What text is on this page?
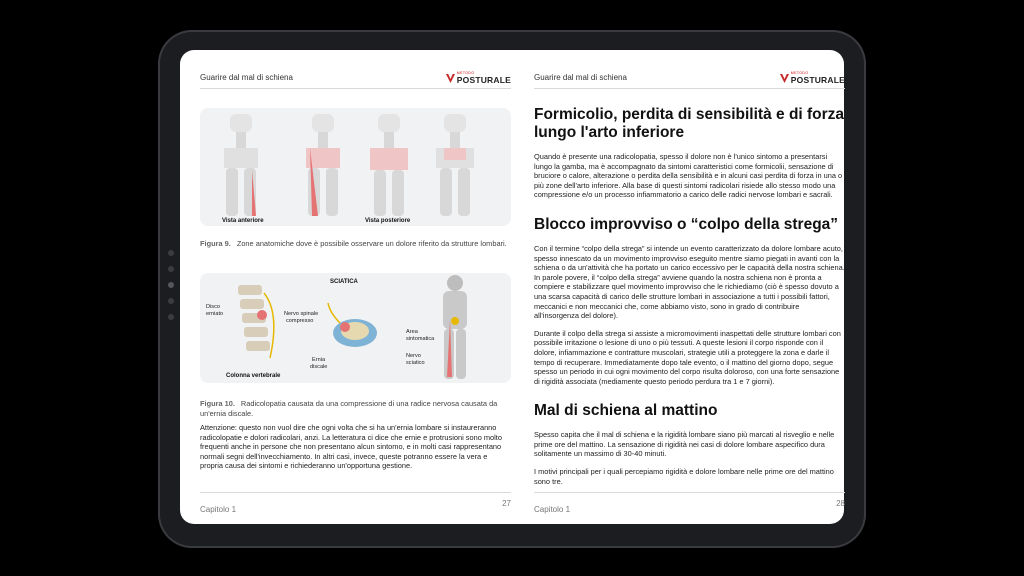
Guarire dal mal di schiena	METODO
POSTURALE
Vista anteriore	Vista posteriore
Figura 9. Zone anatomiche dove è possibile osservare un dolore riferito da strutture lombari.
SCIATICA
Disco
erniato	Nervo spinale
compresso
Ernia
discale
Colonna vertebrale
Area
sintomatica
Nervo
sciatico
Figura 10. Radicolopatia causata da una compressione di una radice nervosa causata da un'ernia discale.

Attenzione: questo non vuol dire che ogni volta che si ha un'ernia lombare si instaureranno radicolopatie e dolori radicolari, anzi. La letteratura ci dice che ernie e protrusioni sono molto frequenti anche in persone che non presentano alcun sintomo, e in molti casi rappresentano normali segni dell'invecchiamento. In altri casi, invece, queste potranno essere la vera e propria causa dei sintomi e richiederanno un'opportuna gestione.

Capitolo 1
27
Guarire dal mal di schiena	METODO
POSTURALE
Formicolio, perdita di sensibilità e di forza lungo l'arto inferiore

Quando è presente una radicolopatia, spesso il dolore non è l'unico sintomo a presentarsi lungo la gamba, ma è accompagnato da sintomi caratteristici come formicolii, sensazione di bruciore o calore, alterazione o perdita della sensibilità e in alcuni casi perdita di forza in una o più zone dell'arto inferiore. Alla base di questi sintomi radicolari risiede allo stesso modo una compressione e/o un processo infiammatorio a carico delle radici nervose lombari e sacrali.

Blocco improvviso o “colpo della strega”

Con il termine “colpo della strega” si intende un evento caratterizzato da dolore lombare acuto, spesso innescato da un movimento improvviso eseguito mentre siamo piegati in avanti con la schiena o da un'attività che ha portato un carico eccessivo per le capacità della nostra schiena. In parole povere, il “colpo della strega” avviene quando la nostra schiena non è pronta a compiere e stabilizzare quel movimento improvviso che le richiediamo (ciò è spesso dovuto a una scarsa capacità di carico delle strutture lombari in associazione a tutti i possibili fattori, meccanici e non meccanici che, come abbiamo visto, sono in grado di contribuire all'insorgenza del dolore).

Durante il colpo della strega si assiste a micromovimenti inaspettati delle strutture lombari con possibile irritazione o lesione di uno o più tessuti. A queste lesioni il corpo risponde con il dolore, infiammazione e contratture muscolari, strategie utili a proteggere la zona e darle il tempo di recuperare. Immediatamente dopo tale evento, o il mattino del giorno dopo, segue spesso un periodo in cui ogni movimento del corpo risulta doloroso, con una forte sensazione di rigidità associata (mediamente questo periodo perdura tra 1 e 7 giorni).

Mal di schiena al mattino

Spesso capita che il mal di schiena e la rigidità lombare siano più marcati al risveglio e nelle prime ore del mattino. La sensazione di rigidità nei casi di dolore lombare aspecifico dura solitamente un massimo di 30-40 minuti.

I motivi principali per i quali percepiamo rigidità e dolore lombare nelle prime ore del mattino sono tre.

Capitolo 1
28
